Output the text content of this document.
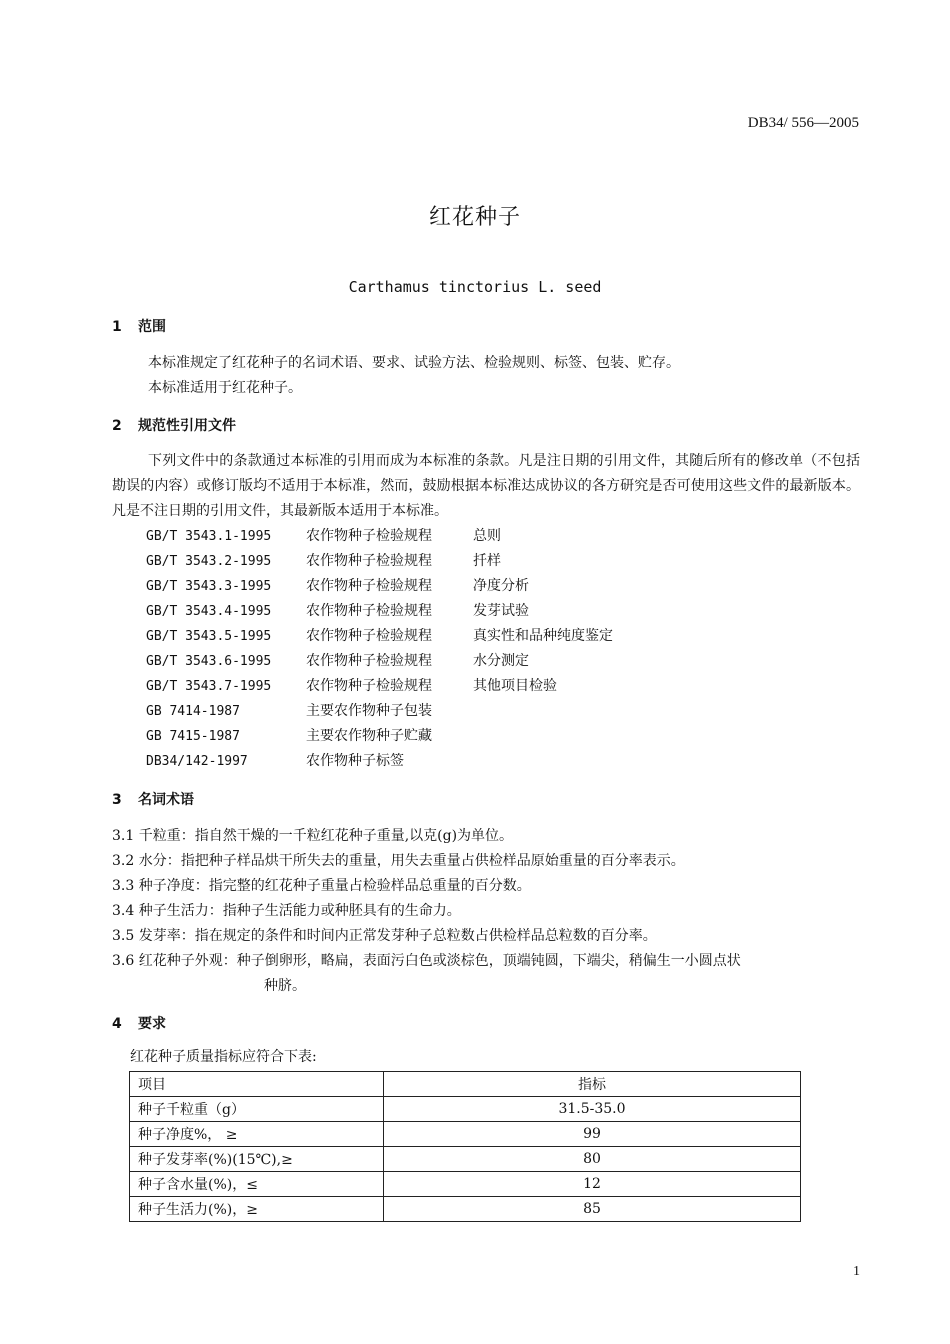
DB34/ 556—2005
红花种子
Carthamus tinctorius L. seed
1 范围
本标准规定了红花种子的名词术语、要求、试验方法、检验规则、标签、包装、贮存。
本标准适用于红花种子。
2 规范性引用文件
下列文件中的条款通过本标准的引用而成为本标准的条款。凡是注日期的引用文件，其随后所有的修改单（不包括勘误的内容）或修订版均不适用于本标准，然而，鼓励根据本标准达成协议的各方研究是否可使用这些文件的最新版本。凡是不注日期的引用文件，其最新版本适用于本标准。
GB/T 3543.1-1995 农作物种子检验规程	总则
GB/T 3543.2-1995 农作物种子检验规程	扦样
GB/T 3543.3-1995 农作物种子检验规程	净度分析
GB/T 3543.4-1995 农作物种子检验规程	发芽试验
GB/T 3543.5-1995 农作物种子检验规程	真实性和品种纯度鉴定
GB/T 3543.6-1995 农作物种子检验规程	水分测定
GB/T 3543.7-1995 农作物种子检验规程	其他项目检验
GB 7414-1987	主要农作物种子包装
GB 7415-1987	主要农作物种子贮藏
DB34/142-1997	农作物种子标签
3 名词术语
3.1 千粒重：指自然干燥的一千粒红花种子重量,以克(g)为单位。
3.2 水分：指把种子样品烘干所失去的重量，用失去重量占供检样品原始重量的百分率表示。
3.3 种子净度：指完整的红花种子重量占检验样品总重量的百分数。
3.4 种子生活力：指种子生活能力或种胚具有的生命力。
3.5 发芽率：指在规定的条件和时间内正常发芽种子总粒数占供检样品总粒数的百分率。
3.6 红花种子外观：种子倒卵形，略扁，表面污白色或淡棕色，顶端钝圆，下端尖，稍偏生一小圆点状
种脐。
4 要求
红花种子质量指标应符合下表:
项目	指标
种子千粒重（g）	31.5-35.0
种子净度%， ≥	99
种子发芽率(%)(15℃),≥	80
种子含水量(%)，≤	12
种子生活力(%)，≥	85
1
